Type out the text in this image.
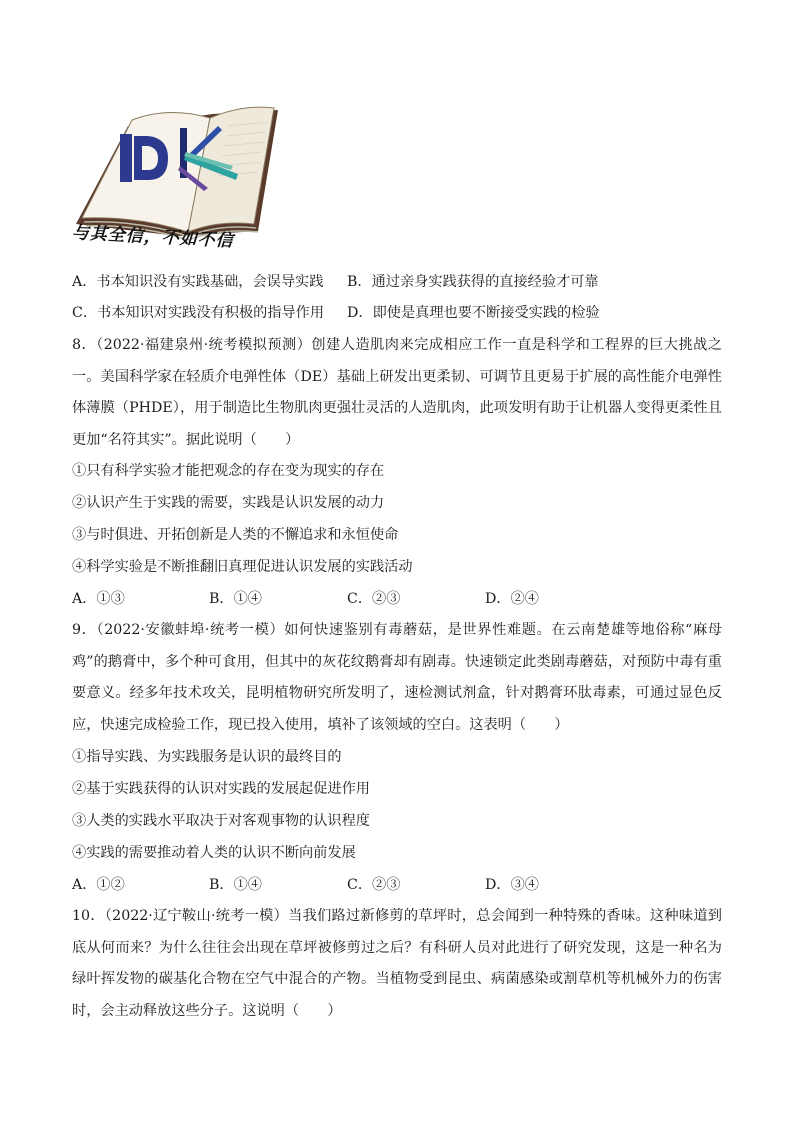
与其全信，不如不信
A．书本知识没有实践基础，会误导实践 B．通过亲身实践获得的直接经验才可靠
C．书本知识对实践没有积极的指导作用 D．即使是真理也要不断接受实践的检验
8．（2022·福建泉州·统考模拟预测）创建人造肌肉来完成相应工作一直是科学和工程界的巨大挑战之一。美国科学家在轻质介电弹性体（DE）基础上研发出更柔韧、可调节且更易于扩展的高性能介电弹性体薄膜（PHDE），用于制造比生物肌肉更强壮灵活的人造肌肉，此项发明有助于让机器人变得更柔性且更加“名符其实”。据此说明（　　）
①只有科学实验才能把观念的存在变为现实的存在
②认识产生于实践的需要，实践是认识发展的动力
③与时俱进、开拓创新是人类的不懈追求和永恒使命
④科学实验是不断推翻旧真理促进认识发展的实践活动
A．①③	B．①④	C．②③	D．②④
9．（2022·安徽蚌埠·统考一模）如何快速鉴别有毒蘑菇，是世界性难题。在云南楚雄等地俗称“麻母鸡”的鹅膏中，多个种可食用，但其中的灰花纹鹅膏却有剧毒。快速锁定此类剧毒蘑菇，对预防中毒有重要意义。经多年技术攻关，昆明植物研究所发明了，速检测试剂盒，针对鹅膏环肽毒素，可通过显色反应，快速完成检验工作，现已投入使用，填补了该领域的空白。这表明（　　）
①指导实践、为实践服务是认识的最终目的
②基于实践获得的认识对实践的发展起促进作用
③人类的实践水平取决于对客观事物的认识程度
④实践的需要推动着人类的认识不断向前发展
A．①②	B．①④	C．②③	D．③④
10．（2022·辽宁鞍山·统考一模）当我们路过新修剪的草坪时，总会闻到一种特殊的香味。这种味道到底从何而来？为什么往往会出现在草坪被修剪过之后？有科研人员对此进行了研究发现，这是一种名为绿叶挥发物的碳基化合物在空气中混合的产物。当植物受到昆虫、病菌感染或割草机等机械外力的伤害时，会主动释放这些分子。这说明（　　）
